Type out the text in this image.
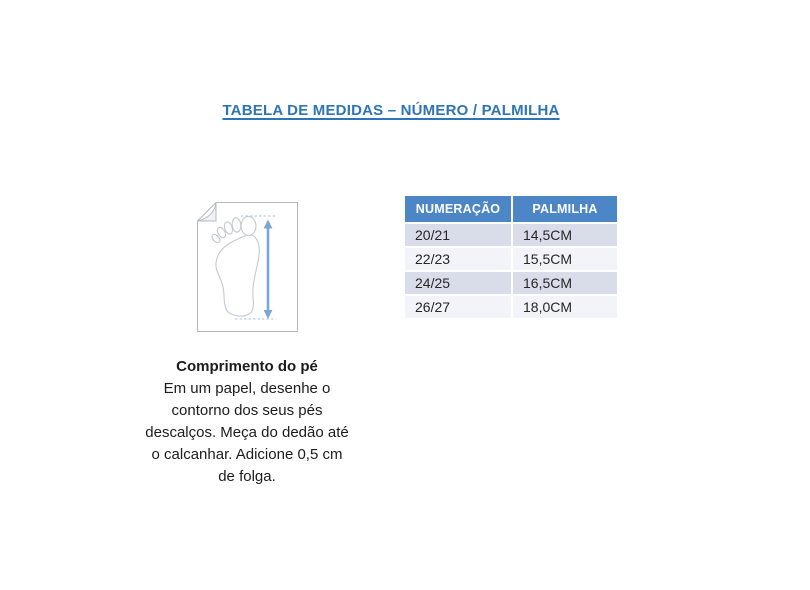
TABELA DE MEDIDAS – NÚMERO / PALMILHA
NUMERAÇÃO	PALMILHA
20/21	14,5CM
22/23	15,5CM
24/25	16,5CM
26/27	18,0CM
Comprimento do pé
Em um papel, desenhe o
contorno dos seus pés
descalços. Meça do dedão até
o calcanhar. Adicione 0,5 cm
de folga.
